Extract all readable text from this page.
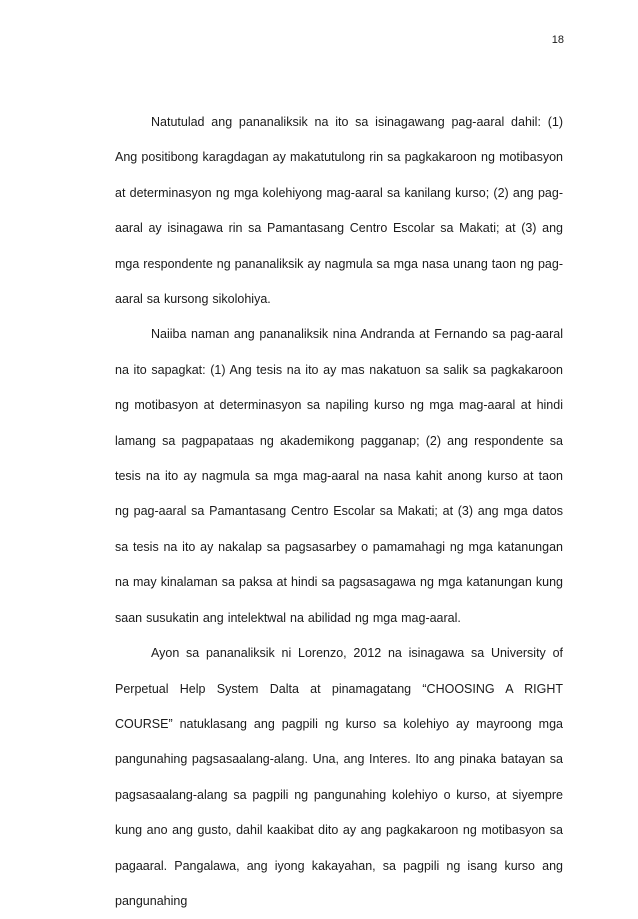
18

Natutulad ang pananaliksik na ito sa isinagawang pag-aaral dahil: (1) Ang positibong karagdagan ay makatutulong rin sa pagkakaroon ng motibasyon at determinasyon ng mga kolehiyong mag-aaral sa kanilang kurso; (2) ang pag-aaral ay isinagawa rin sa Pamantasang Centro Escolar sa Makati; at (3) ang mga respondente ng pananaliksik ay nagmula sa mga nasa unang taon ng pag-aaral sa kursong sikolohiya.

Naiiba naman ang pananaliksik nina Andranda at Fernando sa pag-aaral na ito sapagkat: (1) Ang tesis na ito ay mas nakatuon sa salik sa pagkakaroon ng motibasyon at determinasyon sa napiling kurso ng mga mag-aaral at hindi lamang sa pagpapataas ng akademikong pagganap; (2) ang respondente sa tesis na ito ay nagmula sa mga mag-aaral na nasa kahit anong kurso at taon ng pag-aaral sa Pamantasang Centro Escolar sa Makati; at (3) ang mga datos sa tesis na ito ay nakalap sa pagsasarbey o pamamahagi ng mga katanungan na may kinalaman sa paksa at hindi sa pagsasagawa ng mga katanungan kung saan susukatin ang intelektwal na abilidad ng mga mag-aaral.

Ayon sa pananaliksik ni Lorenzo, 2012 na isinagawa sa University of Perpetual Help System Dalta at pinamagatang “CHOOSING A RIGHT COURSE” natuklasang ang pagpili ng kurso sa kolehiyo ay mayroong mga pangunahing pagsasaalang-alang. Una, ang Interes. Ito ang pinaka batayan sa pagsasaalang-alang sa pagpili ng pangunahing kolehiyo o kurso, at siyempre kung ano ang gusto, dahil kaakibat dito ay ang pagkakaroon ng motibasyon sa pagaaral. Pangalawa, ang iyong kakayahan, sa pagpili ng isang kurso ang pangunahing
